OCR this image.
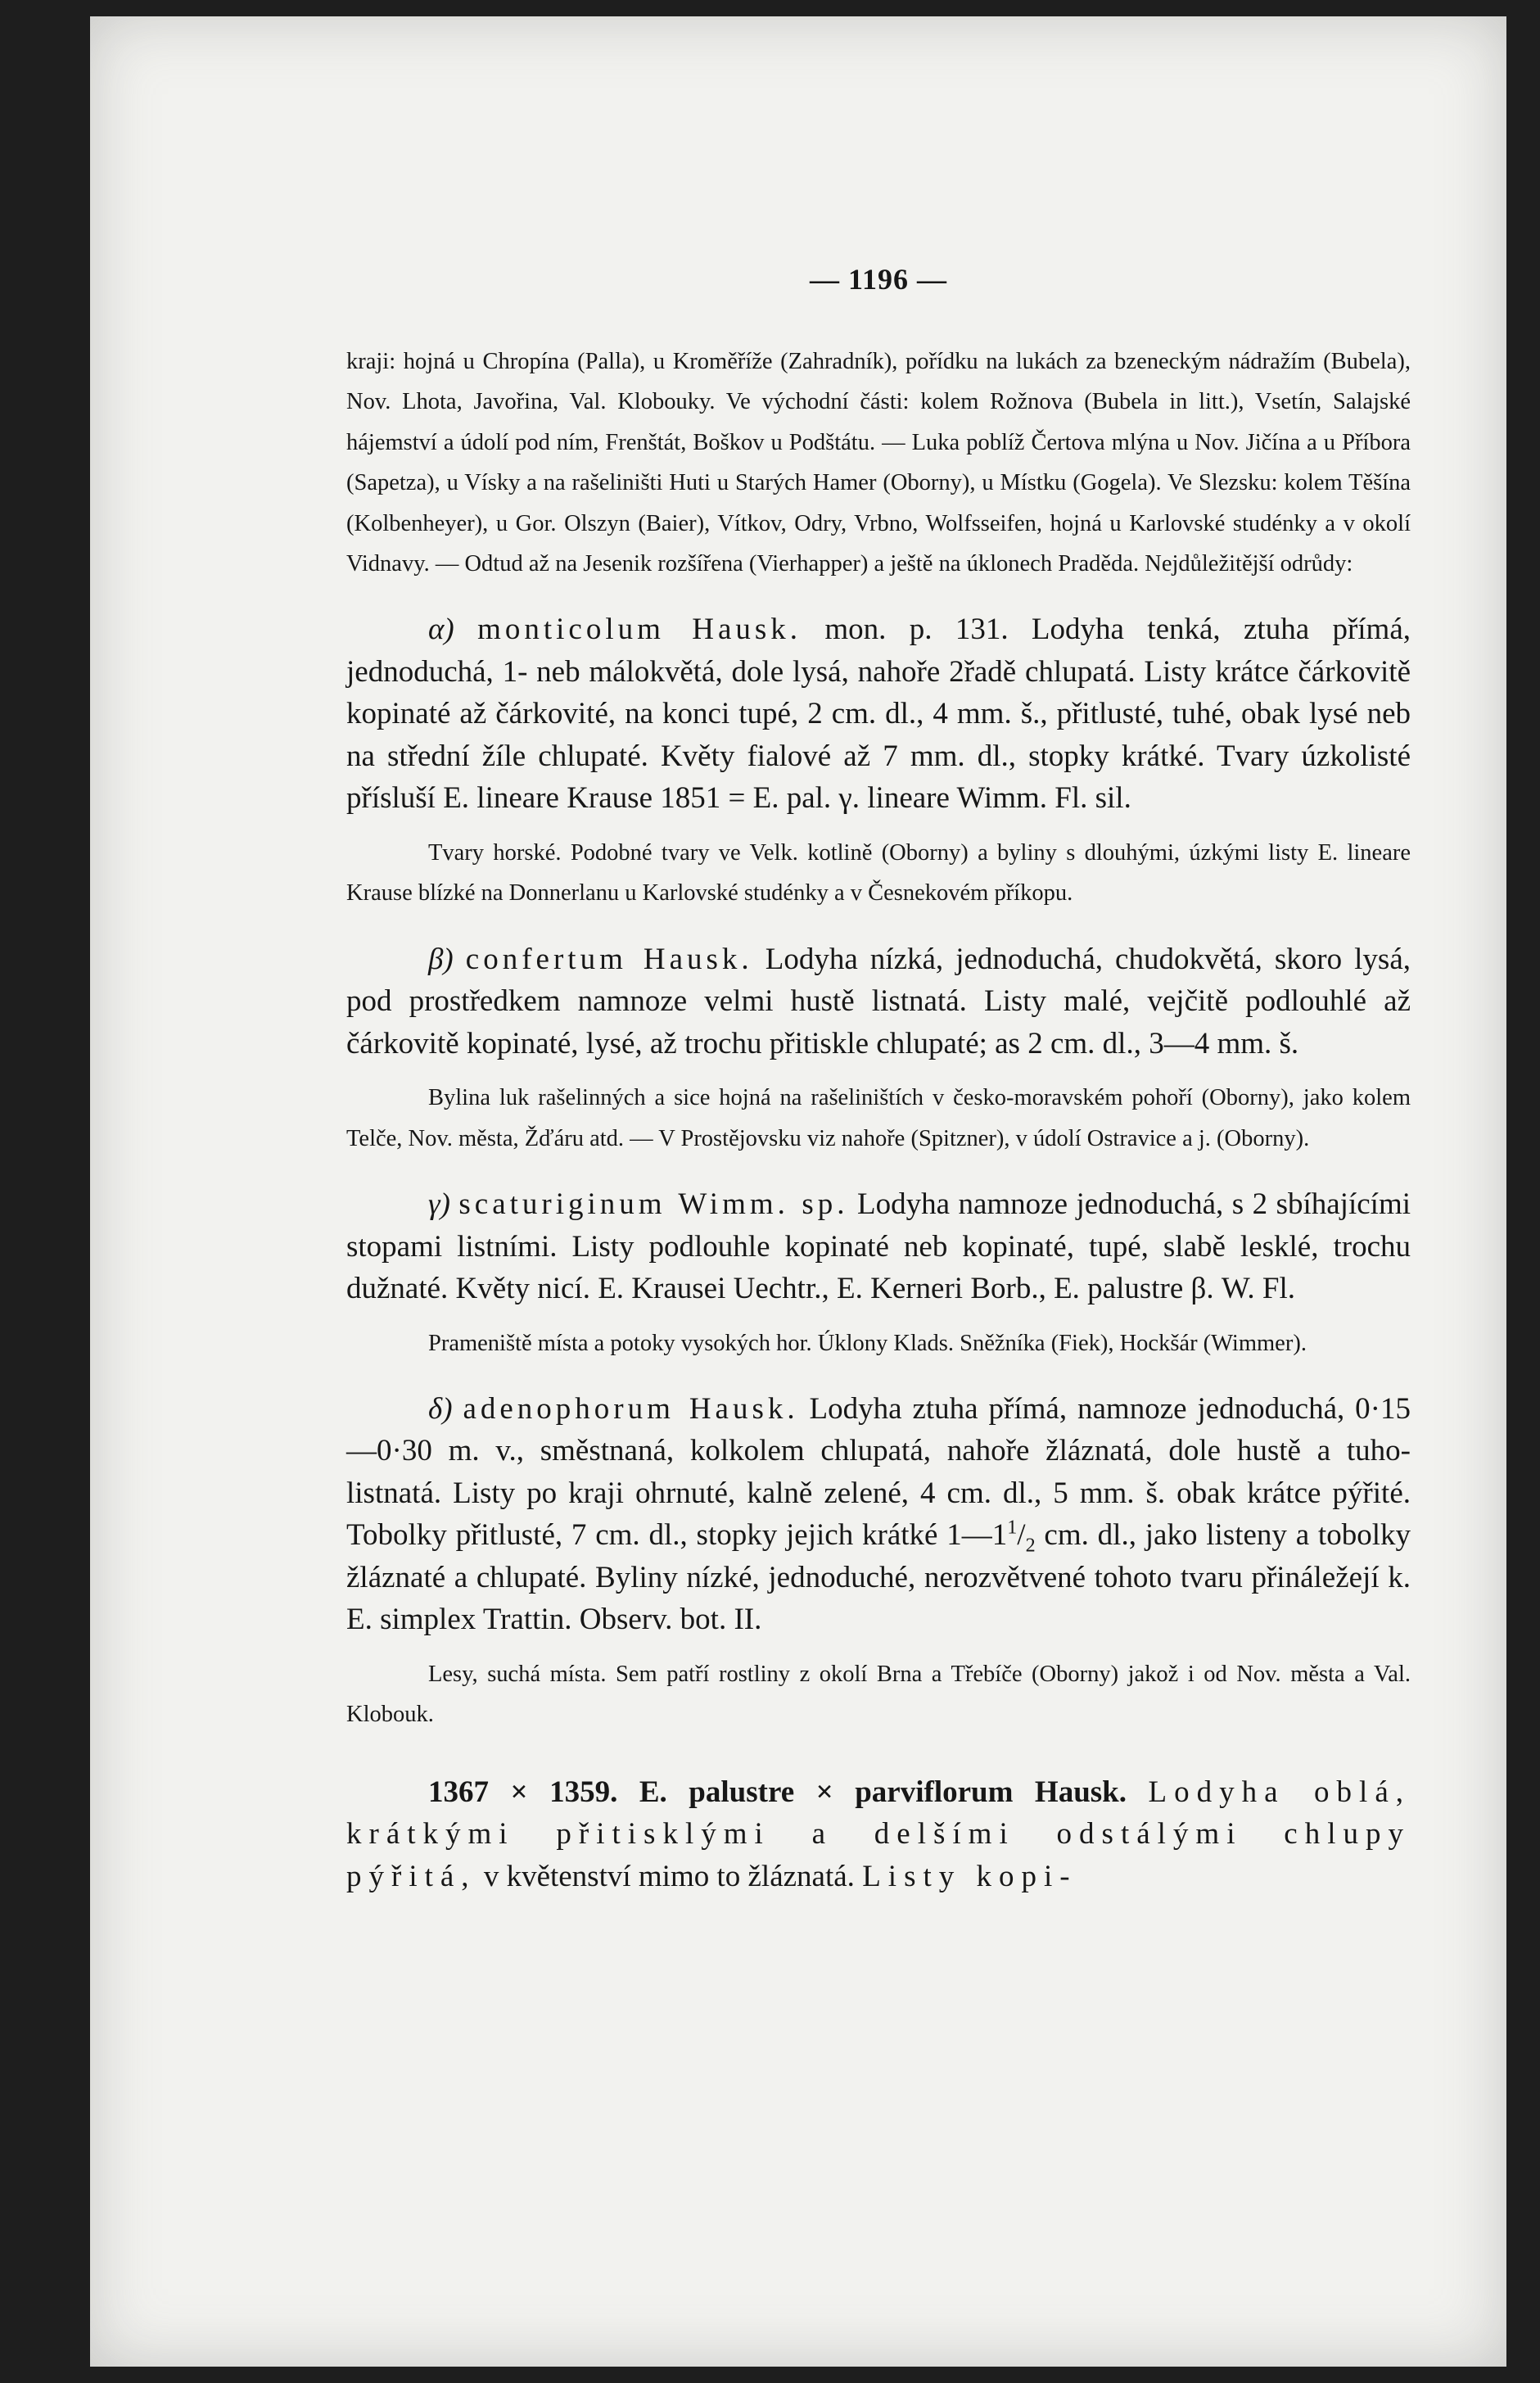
— 1196 —

kraji: hojná u Chropína (Palla), u Kroměříže (Zahradník), pořídku na lukách za bzeneckým nádražím (Bubela), Nov. Lhota, Javořina, Val. Klobouky. Ve východní části: kolem Rožnova (Bubela in litt.), Vsetín, Salajské hájemství a údolí pod ním, Frenštát, Boškov u Podštátu. — Luka poblíž Čertova mlýna u Nov. Jičína a u Příbora (Sapetza), u Vísky a na rašeliništi Huti u Starých Hamer (Oborny), u Místku (Gogela). Ve Slezsku: kolem Těšína (Kolbenheyer), u Gor. Olszyn (Baier), Vítkov, Odry, Vrbno, Wolfsseifen, hojná u Karlovské studénky a v okolí Vidnavy. — Odtud až na Jesenik rozšířena (Vierhapper) a ještě na úklonech Praděda. Nejdůležitější odrůdy:

α) monticolum Hausk. mon. p. 131. Lodyha tenká, ztuha přímá, jednoduchá, 1- neb málokvětá, dole lysá, nahoře 2řadě chlupatá. Listy krátce čárkovitě kopinaté až čárkovité, na konci tupé, 2 cm. dl., 4 mm. š., přitlusté, tuhé, obak lysé neb na střední žíle chlupaté. Květy fialové až 7 mm. dl., stopky krátké. Tvary úzkolisté přísluší E. lineare Krause 1851 = E. pal. γ. lineare Wimm. Fl. sil.

Tvary horské. Podobné tvary ve Velk. kotlině (Oborny) a byliny s dlouhými, úzkými listy E. lineare Krause blízké na Donnerlanu u Karlovské studénky a v Česnekovém příkopu.

β) confertum Hausk. Lodyha nízká, jednoduchá, chudokvětá, skoro lysá, pod prostředkem namnoze velmi hustě listnatá. Listy malé, vejčitě podlouhlé až čárkovitě kopinaté, lysé, až trochu přitiskle chlupaté; as 2 cm. dl., 3—4 mm. š.

Bylina luk rašelinných a sice hojná na rašeliništích v česko-moravském pohoří (Oborny), jako kolem Telče, Nov. města, Žďáru atd. — V Prostějovsku viz nahoře (Spitzner), v údolí Ostravice a j. (Oborny).

γ) scaturiginum Wimm. sp. Lodyha namnoze jednoduchá, s 2 sbíhajícími stopami listními. Listy podlouhle kopinaté neb kopinaté, tupé, slabě lesklé, trochu dužnaté. Květy nicí. E. Krausei Uechtr., E. Kerneri Borb., E. palustre β. W. Fl.

Prameniště místa a potoky vysokých hor. Úklony Klads. Sněžníka (Fiek), Hockšár (Wimmer).

δ) adenophorum Hausk. Lodyha ztuha přímá, namnoze jednoduchá, 0·15—0·30 m. v., směstnaná, kolkolem chlupatá, nahoře žláznatá, dole hustě a tuho-listnatá. Listy po kraji ohrnuté, kalně zelené, 4 cm. dl., 5 mm. š. obak krátce pýřité. Tobolky přitlusté, 7 cm. dl., stopky jejich krátké $1—1^1/_2$ cm. dl., jako listeny a tobolky žláznaté a chlupaté. Byliny nízké, jednoduché, nerozvětvené tohoto tvaru přináležejí k. E. simplex Trattin. Observ. bot. II.

Lesy, suchá místa. Sem patří rostliny z okolí Brna a Třebíče (Oborny) jakož i od Nov. města a Val. Klobouk.

1367 × 1359. E. palustre × parviflorum Hausk. Lodyha oblá, krátkými přitisklými a delšími odstálými chlupy pýřitá, v květenství mimo to žláznatá. Listy kopi-
